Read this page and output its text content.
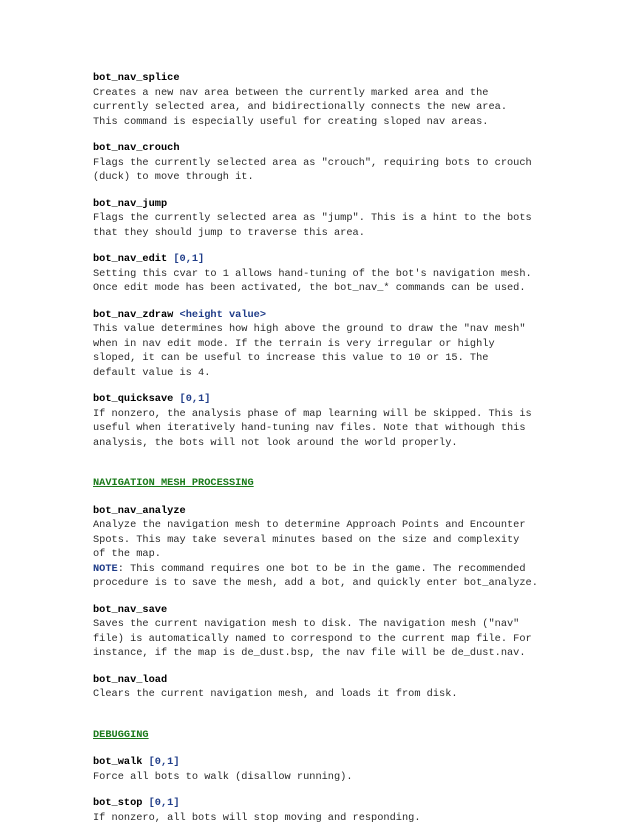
bot_nav_splice
Creates a new nav area between the currently marked area and the
currently selected area, and bidirectionally connects the new area.
This command is especially useful for creating sloped nav areas.
bot_nav_crouch
Flags the currently selected area as "crouch", requiring bots to crouch
(duck) to move through it.
bot_nav_jump
Flags the currently selected area as "jump". This is a hint to the bots
that they should jump to traverse this area.
bot_nav_edit [0,1]
Setting this cvar to 1 allows hand-tuning of the bot's navigation mesh.
Once edit mode has been activated, the bot_nav_* commands can be used.
bot_nav_zdraw <height value>
This value determines how high above the ground to draw the "nav mesh"
when in nav edit mode. If the terrain is very irregular or highly
sloped, it can be useful to increase this value to 10 or 15. The
default value is 4.
bot_quicksave [0,1]
If nonzero, the analysis phase of map learning will be skipped. This is
useful when iteratively hand-tuning nav files. Note that withough this
analysis, the bots will not look around the world properly.
NAVIGATION MESH PROCESSING
bot_nav_analyze
Analyze the navigation mesh to determine Approach Points and Encounter
Spots. This may take several minutes based on the size and complexity
of the map.
NOTE: This command requires one bot to be in the game. The recommended
procedure is to save the mesh, add a bot, and quickly enter bot_analyze.
bot_nav_save
Saves the current navigation mesh to disk. The navigation mesh ("nav"
file) is automatically named to correspond to the current map file. For
instance, if the map is de_dust.bsp, the nav file will be de_dust.nav.
bot_nav_load
Clears the current navigation mesh, and loads it from disk.
DEBUGGING
bot_walk [0,1]
Force all bots to walk (disallow running).
bot_stop [0,1]
If nonzero, all bots will stop moving and responding.
